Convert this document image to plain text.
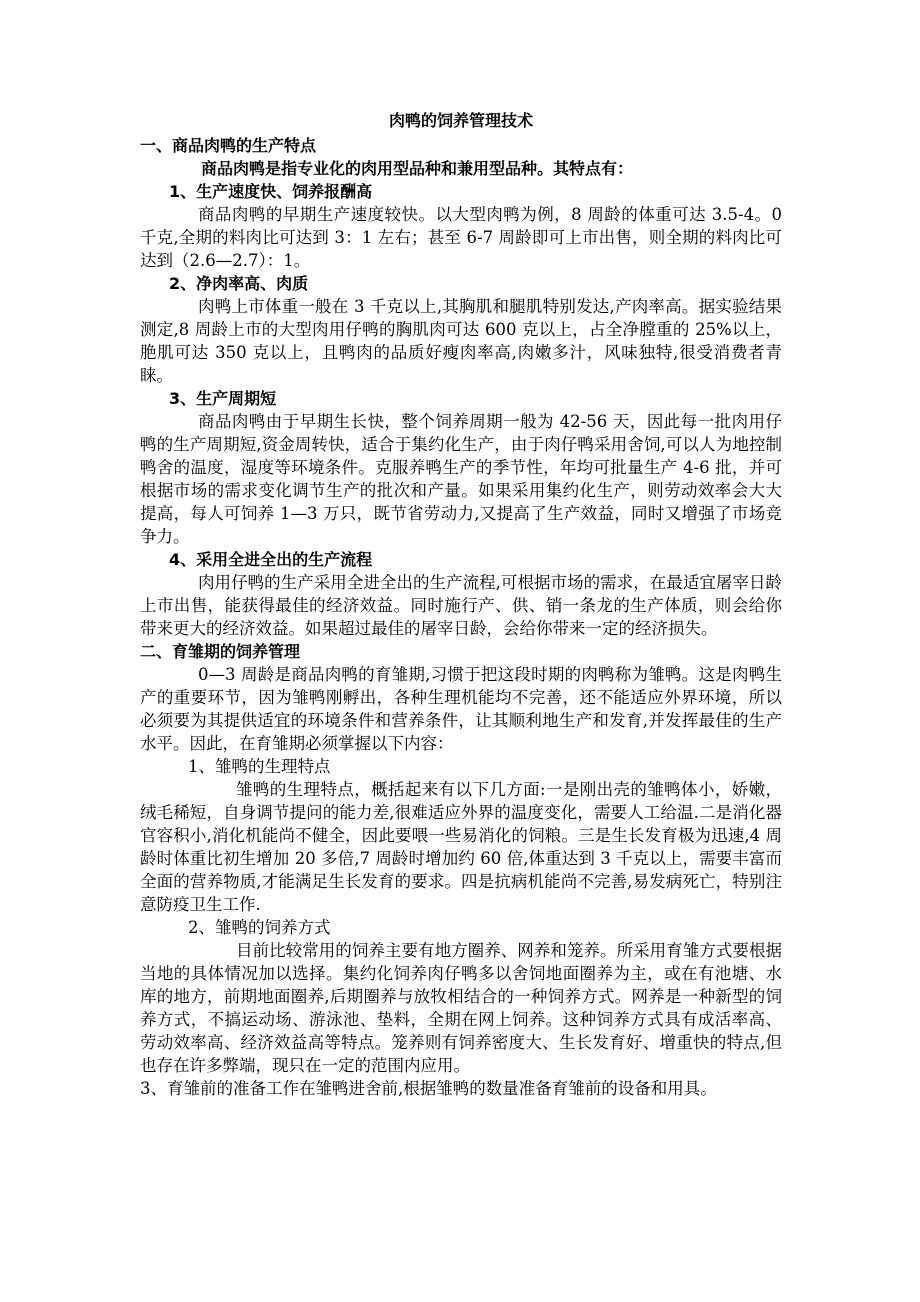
肉鸭的饲养管理技术
一、商品肉鸭的生产特点
商品肉鸭是指专业化的肉用型品种和兼用型品种。其特点有：
1、生产速度快、饲养报酬高
商品肉鸭的早期生产速度较快。以大型肉鸭为例，8 周龄的体重可达 3.5-4。0 千克,全期的料肉比可达到 3：1 左右；甚至 6-7 周龄即可上市出售，则全期的料肉比可达到（2.6—2.7）：1。
2、净肉率高、肉质
肉鸭上市体重一般在 3 千克以上,其胸肌和腿肌特别发达,产肉率高。据实验结果测定,8 周龄上市的大型肉用仔鸭的胸肌肉可达 600 克以上，占全净膛重的 25%以上，脃肌可达 350 克以上，且鸭肉的品质好瘦肉率高,肉嫩多汁，风味独特,很受消费者青睐。
3、生产周期短
商品肉鸭由于早期生长快，整个饲养周期一般为 42-56 天，因此每一批肉用仔鸭的生产周期短,资金周转快，适合于集约化生产，由于肉仔鸭采用舍饲,可以人为地控制鸭舍的温度，湿度等环境条件。克服养鸭生产的季节性，年均可批量生产 4-6 批，并可根据市场的需求变化调节生产的批次和产量。如果采用集约化生产，则劳动效率会大大提高，每人可饲养 1—3 万只，既节省劳动力,又提高了生产效益，同时又增强了市场竞争力。
4、采用全进全出的生产流程
肉用仔鸭的生产采用全进全出的生产流程,可根据市场的需求，在最适宜屠宰日龄上市出售，能获得最佳的经济效益。同时施行产、供、销一条龙的生产体质，则会给你带来更大的经济效益。如果超过最佳的屠宰日龄，会给你带来一定的经济损失。
二、育雏期的饲养管理
0—3 周龄是商品肉鸭的育雏期,习惯于把这段时期的肉鸭称为雏鸭。这是肉鸭生产的重要环节，因为雏鸭刚孵出，各种生理机能均不完善，还不能适应外界环境，所以必须要为其提供适宜的环境条件和营养条件，让其顺利地生产和发育,并发挥最佳的生产水平。因此，在育雏期必须掌握以下内容：
1、雏鸭的生理特点
雏鸭的生理特点，概括起来有以下几方面:一是刚出壳的雏鸭体小，娇嫩，绒毛稀短，自身调节提问的能力差,很难适应外界的温度变化，需要人工给温.二是消化器官容积小,消化机能尚不健全，因此要喂一些易消化的饲粮。三是生长发育极为迅速,4 周龄时体重比初生增加 20 多倍,7 周龄时增加约 60 倍,体重达到 3 千克以上，需要丰富而全面的营养物质,才能满足生长发育的要求。四是抗病机能尚不完善,易发病死亡，特别注意防疫卫生工作.
2、雏鸭的饲养方式
目前比较常用的饲养主要有地方圈养、网养和笼养。所采用育雏方式要根据当地的具体情况加以选择。集约化饲养肉仔鸭多以舍饲地面圈养为主，或在有池塘、水库的地方，前期地面圈养,后期圈养与放牧相结合的一种饲养方式。网养是一种新型的饲养方式，不搞运动场、游泳池、垫料，全期在网上饲养。这种饲养方式具有成活率高、劳动效率高、经济效益高等特点。笼养则有饲养密度大、生长发育好、增重快的特点,但也存在许多弊端，现只在一定的范围内应用。
3、育雏前的准备工作在雏鸭进舍前,根据雏鸭的数量准备育雏前的设备和用具。
